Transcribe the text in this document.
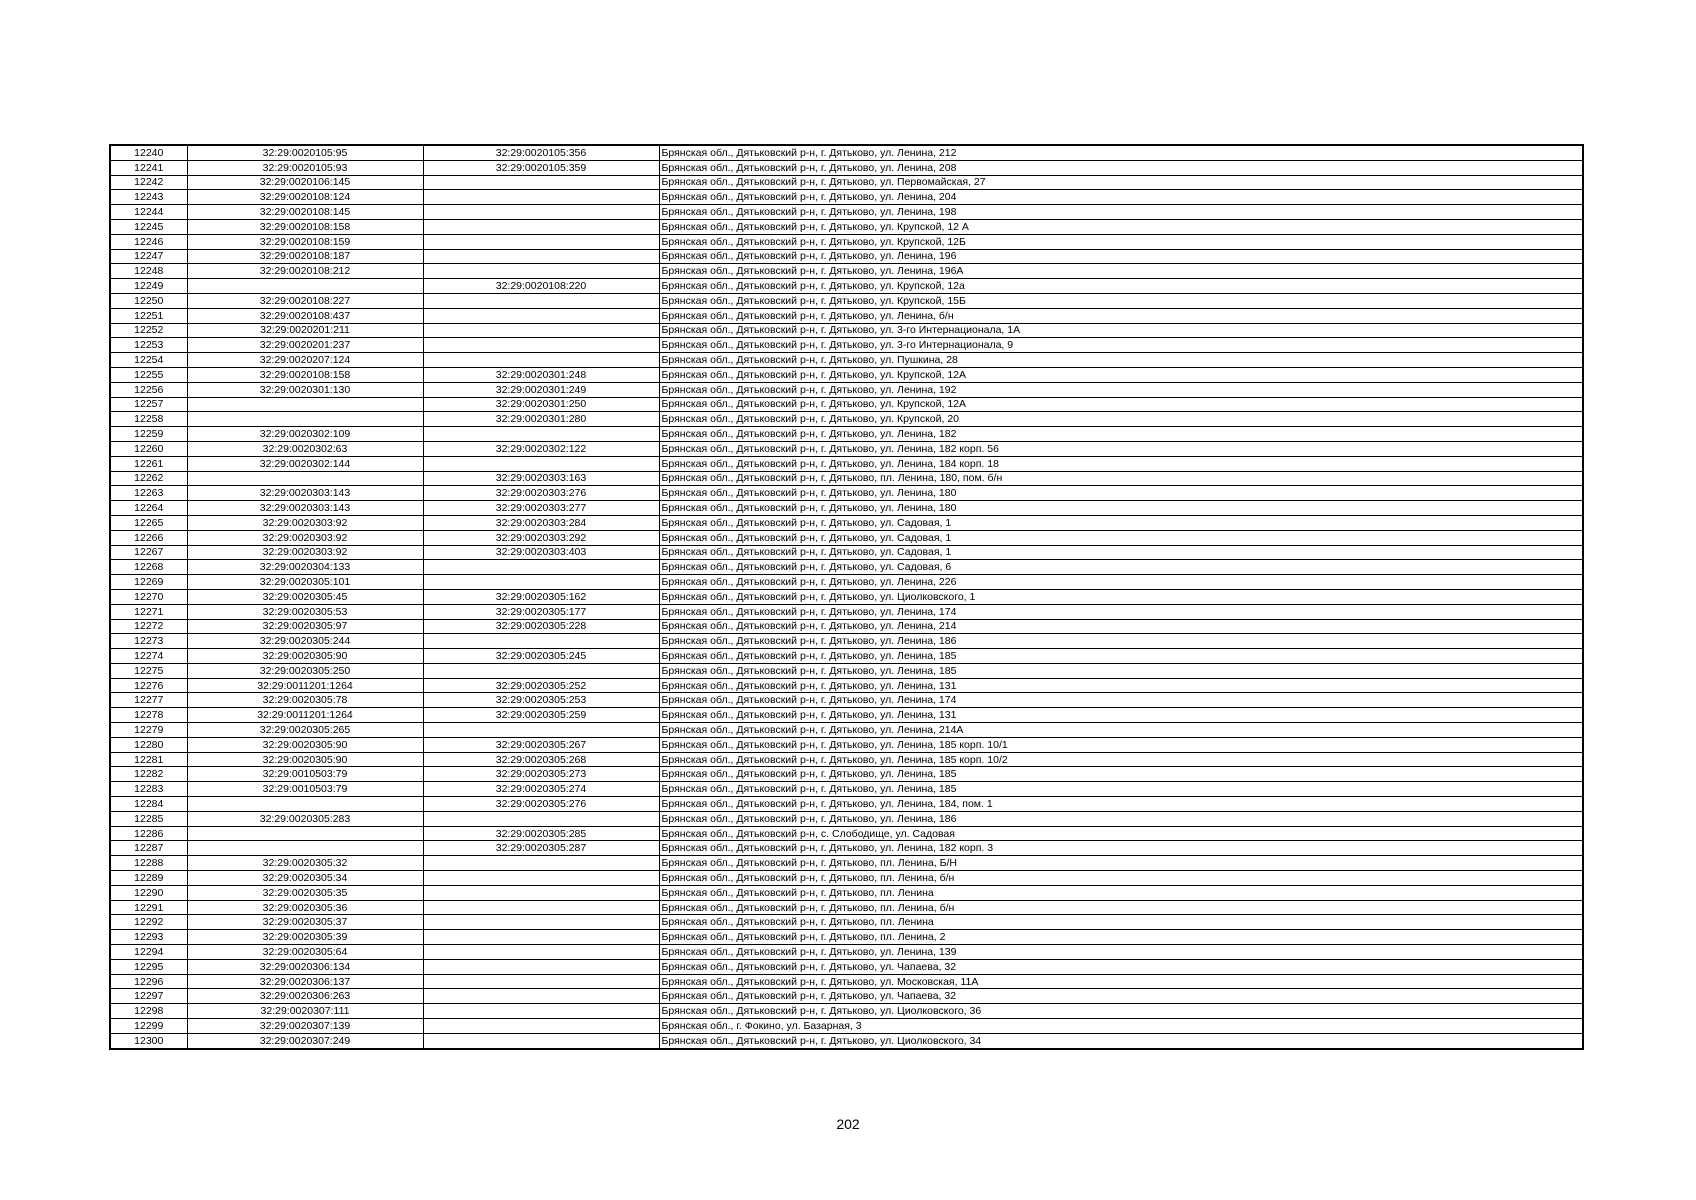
12240	32:29:0020105:95	32:29:0020105:356	Брянская обл., Дятьковский р-н, г. Дятьково, ул. Ленина, 212
12241	32:29:0020105:93	32:29:0020105:359	Брянская обл., Дятьковский р-н, г. Дятьково, ул. Ленина, 208
12242	32:29:0020106:145		Брянская обл., Дятьковский р-н, г. Дятьково, ул. Первомайская, 27
12243	32:29:0020108:124		Брянская обл., Дятьковский р-н, г. Дятьково, ул. Ленина, 204
12244	32:29:0020108:145		Брянская обл., Дятьковский р-н, г. Дятьково, ул. Ленина, 198
12245	32:29:0020108:158		Брянская обл., Дятьковский р-н, г. Дятьково, ул. Крупской, 12 А
12246	32:29:0020108:159		Брянская обл., Дятьковский р-н, г. Дятьково, ул. Крупской, 12Б
12247	32:29:0020108:187		Брянская обл., Дятьковский р-н, г. Дятьково, ул. Ленина, 196
12248	32:29:0020108:212		Брянская обл., Дятьковский р-н, г. Дятьково, ул. Ленина, 196А
12249		32:29:0020108:220	Брянская обл., Дятьковский р-н, г. Дятьково, ул. Крупской, 12а
12250	32:29:0020108:227		Брянская обл., Дятьковский р-н, г. Дятьково, ул. Крупской, 15Б
12251	32:29:0020108:437		Брянская обл., Дятьковский р-н, г. Дятьково, ул. Ленина, б/н
12252	32:29:0020201:211		Брянская обл., Дятьковский р-н, г. Дятьково, ул. 3-го Интернационала, 1А
12253	32:29:0020201:237		Брянская обл., Дятьковский р-н, г. Дятьково, ул. 3-го Интернационала, 9
12254	32:29:0020207:124		Брянская обл., Дятьковский р-н, г. Дятьково, ул. Пушкина, 28
12255	32:29:0020108:158	32:29:0020301:248	Брянская обл., Дятьковский р-н, г. Дятьково, ул. Крупской, 12А
12256	32:29:0020301:130	32:29:0020301:249	Брянская обл., Дятьковский р-н, г. Дятьково, ул. Ленина, 192
12257		32:29:0020301:250	Брянская обл., Дятьковский р-н, г. Дятьково, ул. Крупской, 12А
12258		32:29:0020301:280	Брянская обл., Дятьковский р-н, г. Дятьково, ул. Крупской, 20
12259	32:29:0020302:109		Брянская обл., Дятьковский р-н, г. Дятьково, ул. Ленина, 182
12260	32:29:0020302:63	32:29:0020302:122	Брянская обл., Дятьковский р-н, г. Дятьково, ул. Ленина, 182 корп. 56
12261	32:29:0020302:144		Брянская обл., Дятьковский р-н, г. Дятьково, ул. Ленина, 184 корп. 18
12262		32:29:0020303:163	Брянская обл., Дятьковский р-н, г. Дятьково, пл. Ленина, 180, пом. б/н
12263	32:29:0020303:143	32:29:0020303:276	Брянская обл., Дятьковский р-н, г. Дятьково, ул. Ленина, 180
12264	32:29:0020303:143	32:29:0020303:277	Брянская обл., Дятьковский р-н, г. Дятьково, ул. Ленина, 180
12265	32:29:0020303:92	32:29:0020303:284	Брянская обл., Дятьковский р-н, г. Дятьково, ул. Садовая, 1
12266	32:29:0020303:92	32:29:0020303:292	Брянская обл., Дятьковский р-н, г. Дятьково, ул. Садовая, 1
12267	32:29:0020303:92	32:29:0020303:403	Брянская обл., Дятьковский р-н, г. Дятьково, ул. Садовая, 1
12268	32:29:0020304:133		Брянская обл., Дятьковский р-н, г. Дятьково, ул. Садовая, 6
12269	32:29:0020305:101		Брянская обл., Дятьковский р-н, г. Дятьково, ул. Ленина, 226
12270	32:29:0020305:45	32:29:0020305:162	Брянская обл., Дятьковский р-н, г. Дятьково, ул. Циолковского, 1
12271	32:29:0020305:53	32:29:0020305:177	Брянская обл., Дятьковский р-н, г. Дятьково, ул. Ленина, 174
12272	32:29:0020305:97	32:29:0020305:228	Брянская обл., Дятьковский р-н, г. Дятьково, ул. Ленина, 214
12273	32:29:0020305:244		Брянская обл., Дятьковский р-н, г. Дятьково, ул. Ленина, 186
12274	32:29:0020305:90	32:29:0020305:245	Брянская обл., Дятьковский р-н, г. Дятьково, ул. Ленина, 185
12275	32:29:0020305:250		Брянская обл., Дятьковский р-н, г. Дятьково, ул. Ленина, 185
12276	32:29:0011201:1264	32:29:0020305:252	Брянская обл., Дятьковский р-н, г. Дятьково, ул. Ленина, 131
12277	32:29:0020305:78	32:29:0020305:253	Брянская обл., Дятьковский р-н, г. Дятьково, ул. Ленина, 174
12278	32:29:0011201:1264	32:29:0020305:259	Брянская обл., Дятьковский р-н, г. Дятьково, ул. Ленина, 131
12279	32:29:0020305:265		Брянская обл., Дятьковский р-н, г. Дятьково, ул. Ленина, 214А
12280	32:29:0020305:90	32:29:0020305:267	Брянская обл., Дятьковский р-н, г. Дятьково, ул. Ленина, 185 корп. 10/1
12281	32:29:0020305:90	32:29:0020305:268	Брянская обл., Дятьковский р-н, г. Дятьково, ул. Ленина, 185 корп. 10/2
12282	32:29:0010503:79	32:29:0020305:273	Брянская обл., Дятьковский р-н, г. Дятьково, ул. Ленина, 185
12283	32:29:0010503:79	32:29:0020305:274	Брянская обл., Дятьковский р-н, г. Дятьково, ул. Ленина, 185
12284		32:29:0020305:276	Брянская обл., Дятьковский р-н, г. Дятьково, ул. Ленина, 184, пом. 1
12285	32:29:0020305:283		Брянская обл., Дятьковский р-н, г. Дятьково, ул. Ленина, 186
12286		32:29:0020305:285	Брянская обл., Дятьковский р-н, с. Слободище, ул. Садовая
12287		32:29:0020305:287	Брянская обл., Дятьковский р-н, г. Дятьково, ул. Ленина, 182 корп. 3
12288	32:29:0020305:32		Брянская обл., Дятьковский р-н, г. Дятьково, пл. Ленина, Б/Н
12289	32:29:0020305:34		Брянская обл., Дятьковский р-н, г. Дятьково, пл. Ленина, б/н
12290	32:29:0020305:35		Брянская обл., Дятьковский р-н, г. Дятьково, пл. Ленина
12291	32:29:0020305:36		Брянская обл., Дятьковский р-н, г. Дятьково, пл. Ленина, б/н
12292	32:29:0020305:37		Брянская обл., Дятьковский р-н, г. Дятьково, пл. Ленина
12293	32:29:0020305:39		Брянская обл., Дятьковский р-н, г. Дятьково, пл. Ленина, 2
12294	32:29:0020305:64		Брянская обл., Дятьковский р-н, г. Дятьково, ул. Ленина, 139
12295	32:29:0020306:134		Брянская обл., Дятьковский р-н, г. Дятьково, ул. Чапаева, 32
12296	32:29:0020306:137		Брянская обл., Дятьковский р-н, г. Дятьково, ул. Московская, 11А
12297	32:29:0020306:263		Брянская обл., Дятьковский р-н, г. Дятьково, ул. Чапаева, 32
12298	32:29:0020307:111		Брянская обл., Дятьковский р-н, г. Дятьково, ул. Циолковского, 36
12299	32:29:0020307:139		Брянская обл., г. Фокино, ул. Базарная, 3
12300	32:29:0020307:249		Брянская обл., Дятьковский р-н, г. Дятьково, ул. Циолковского, 34
202
